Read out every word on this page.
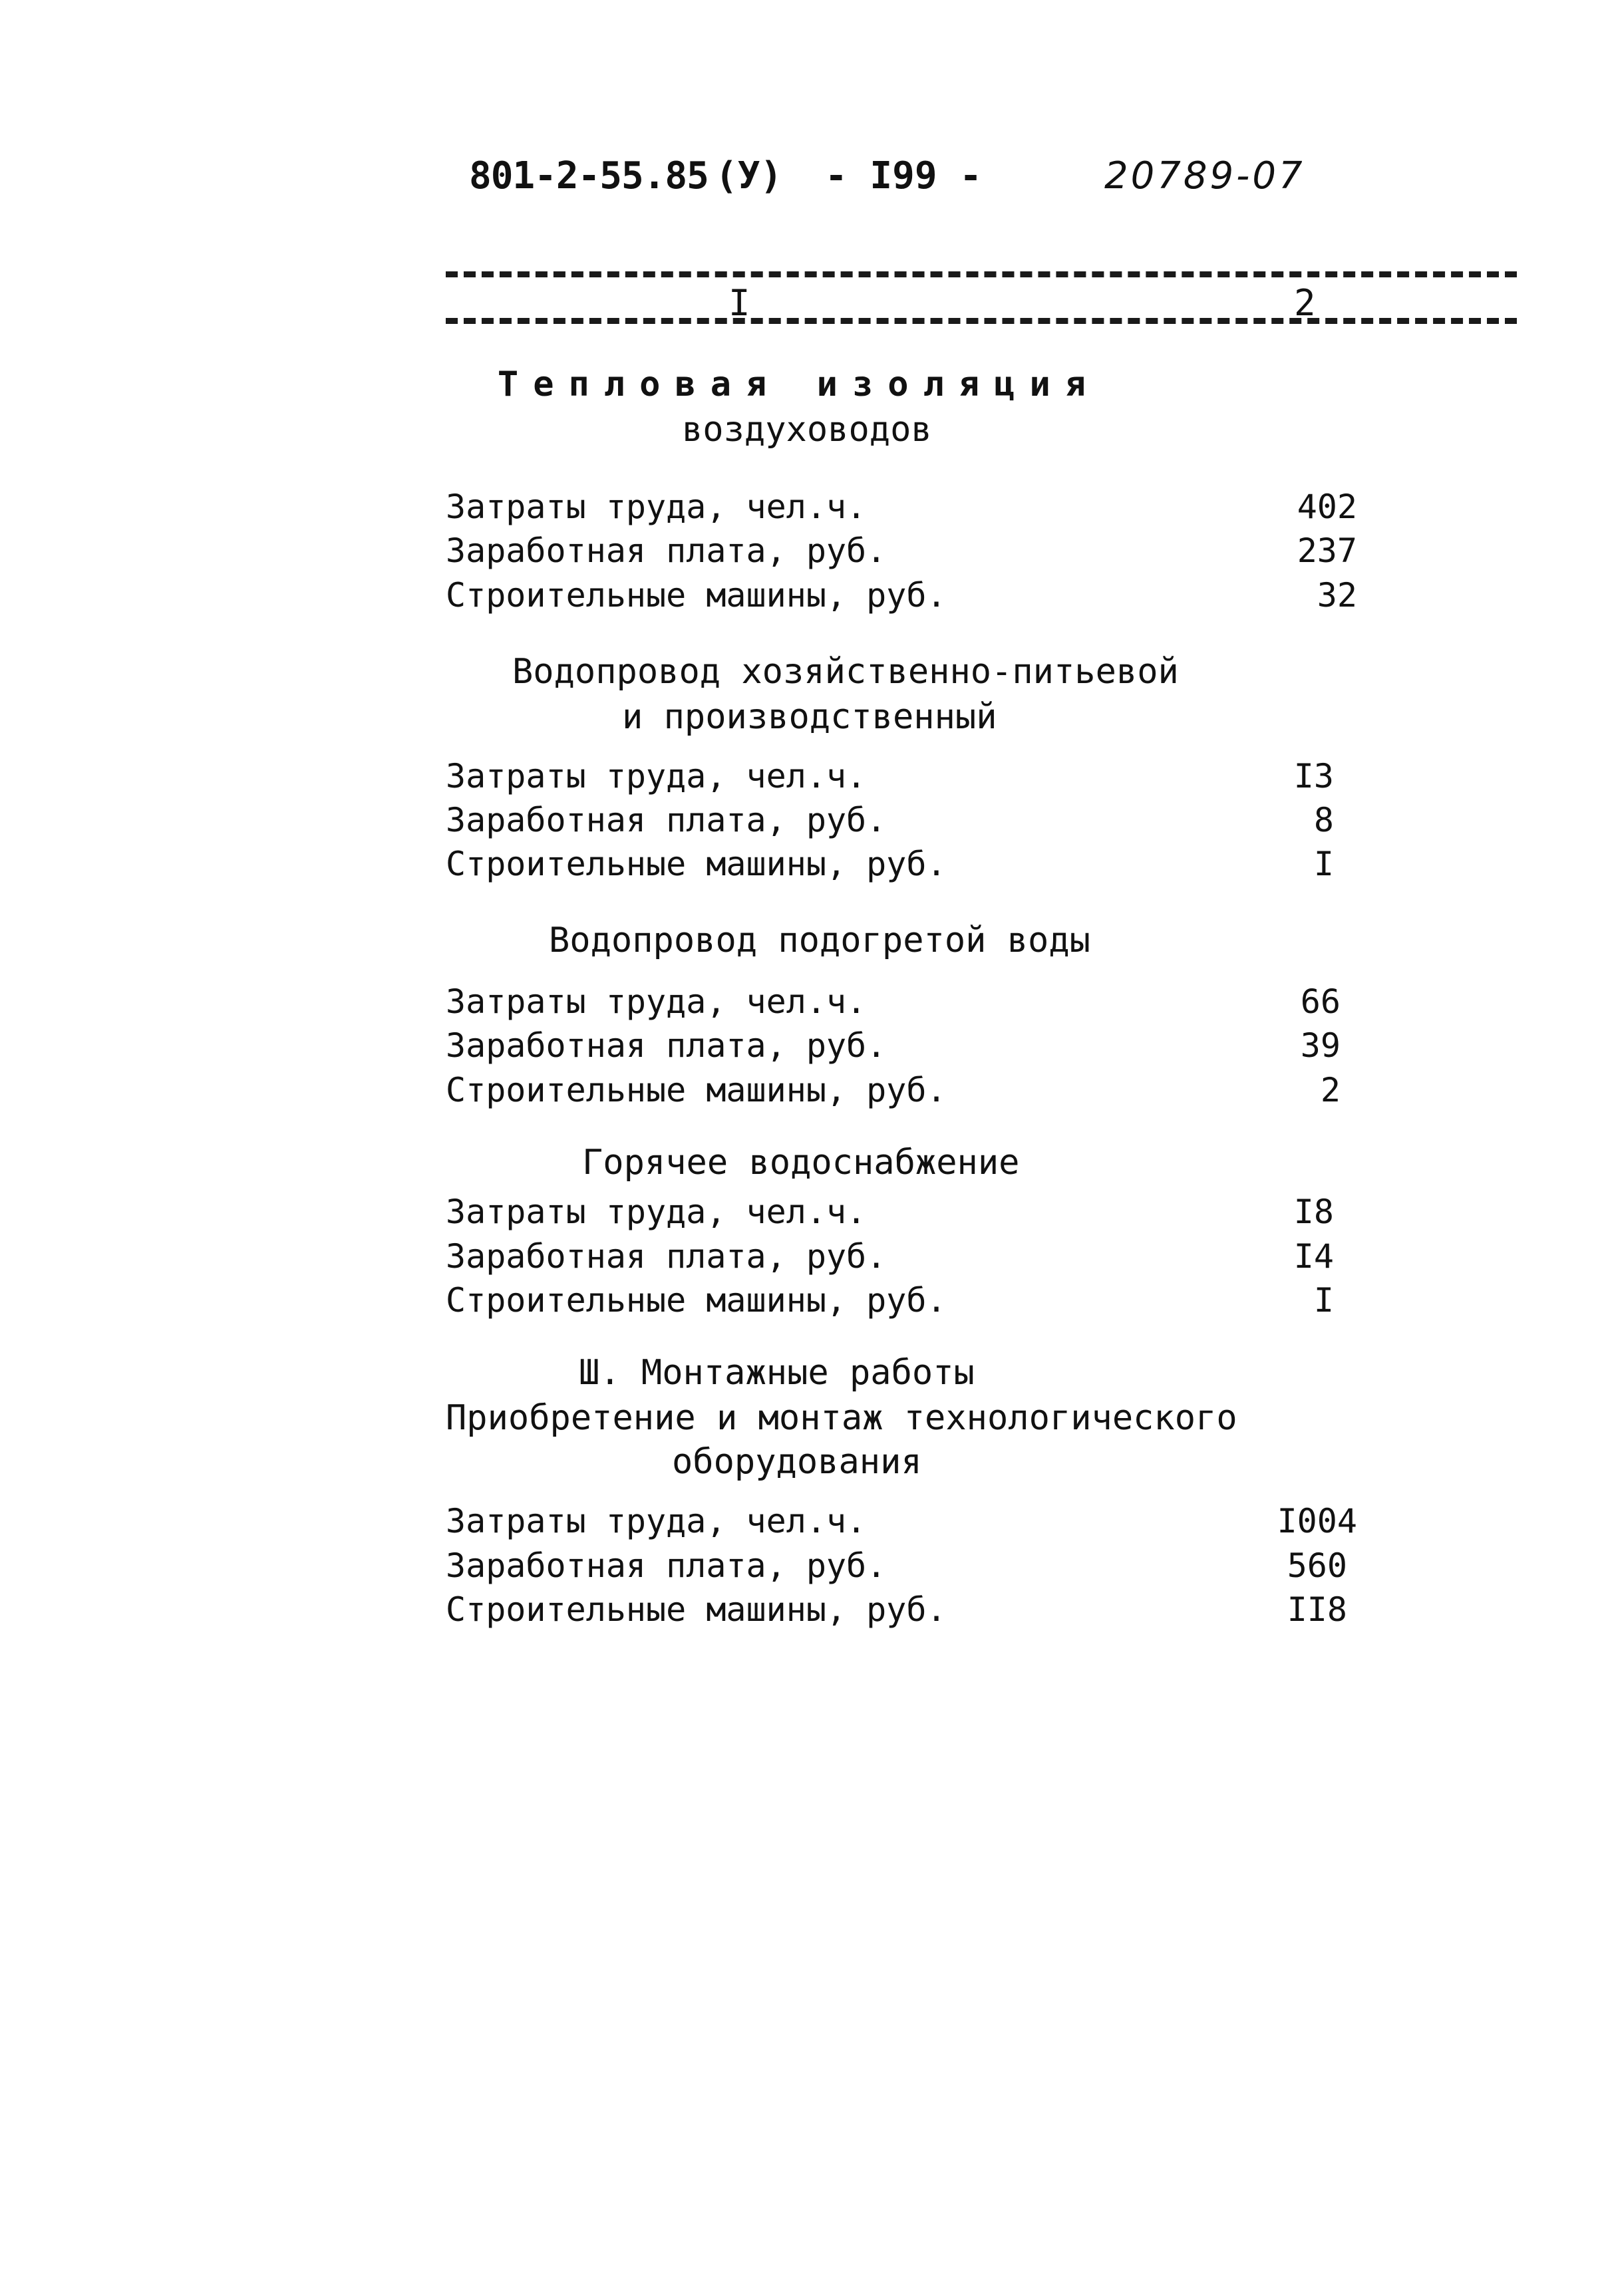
801-2-55.85 (У) - I99 -	20789-07
I	2
Тепловая изоляция
воздуховодов
Затраты труда, чел.ч.	402
Заработная плата, руб.	237
Строительные машины, руб.	32
Водопровод хозяйственно-питьевой
и производственный
Затраты труда, чел.ч.	I3
Заработная плата, руб.	8
Строительные машины, руб.	I
Водопровод подогретой воды
Затраты труда, чел.ч.	66
Заработная плата, руб.	39
Строительные машины, руб.	2
Горячее водоснабжение
Затраты труда, чел.ч.	I8
Заработная плата, руб.	I4
Строительные машины, руб.	I
Ш. Монтажные работы
Приобретение и монтаж технологического
оборудования
Затраты труда, чел.ч.	I004
Заработная плата, руб.	560
Строительные машины, руб.	II8
